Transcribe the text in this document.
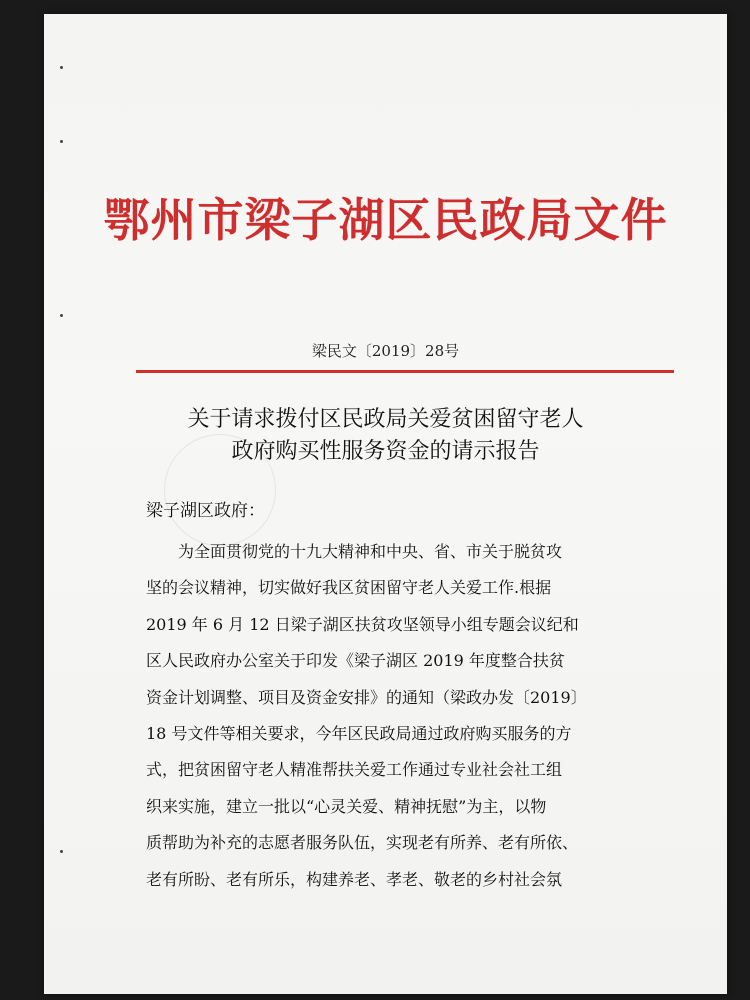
鄂州市梁子湖区民政局文件
梁民文〔2019〕28号
关于请求拨付区民政局关爱贫困留守老人
政府购买性服务资金的请示报告
梁子湖区政府：
　　为全面贯彻党的十九大精神和中央、省、市关于脱贫攻
坚的会议精神，切实做好我区贫困留守老人关爱工作.根据
2019 年 6 月 12 日梁子湖区扶贫攻坚领导小组专题会议纪和
区人民政府办公室关于印发《梁子湖区 2019 年度整合扶贫
资金计划调整、项目及资金安排》的通知（梁政办发〔2019〕
18 号文件等相关要求，今年区民政局通过政府购买服务的方
式，把贫困留守老人精准帮扶关爱工作通过专业社会社工组
织来实施，建立一批以“心灵关爱、精神抚慰”为主，以物
质帮助为补充的志愿者服务队伍，实现老有所养、老有所依、
老有所盼、老有所乐，构建养老、孝老、敬老的乡村社会氛
